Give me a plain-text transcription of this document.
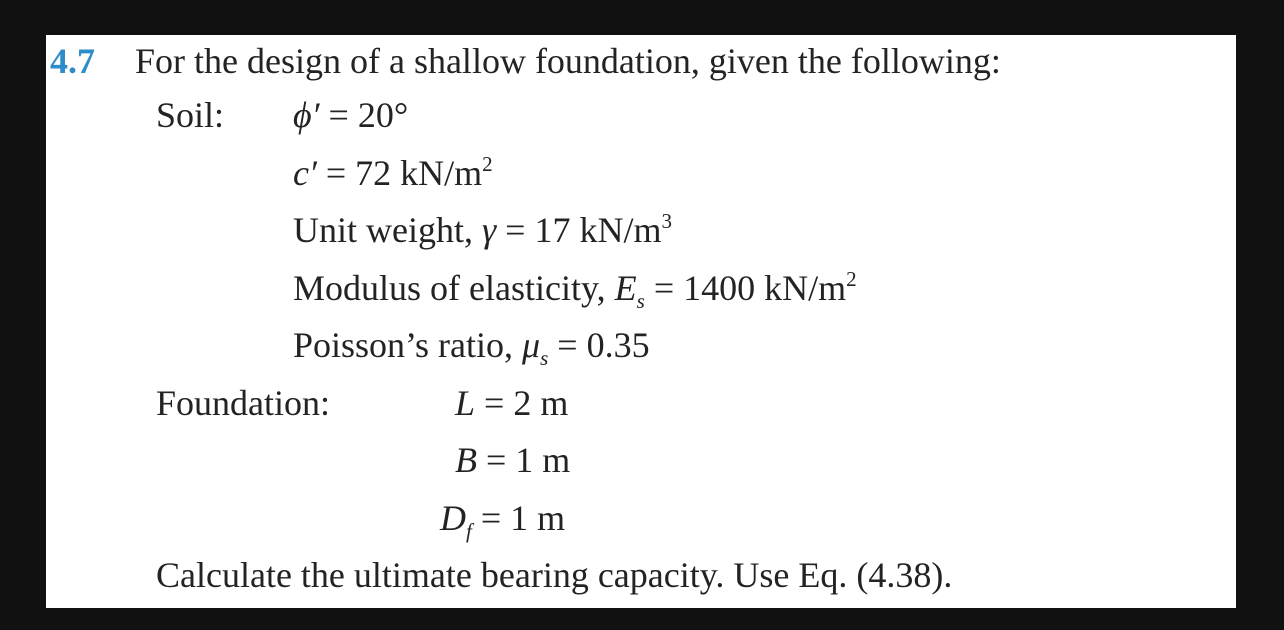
4.7 For the design of a shallow foundation, given the following:
Soil: ϕ′ = 20°
c′ = 72 $kN/m^2$
Unit weight, γ = 17 $kN/m^3$
Modulus of elasticity, $E_s = 1400$ $kN/m^2$
Poisson’s ratio, $\mu_s = 0.35$
Foundation:	L = 2 m
B = 1 m
$D_f = 1$ m
Calculate the ultimate bearing capacity. Use Eq. (4.38).
